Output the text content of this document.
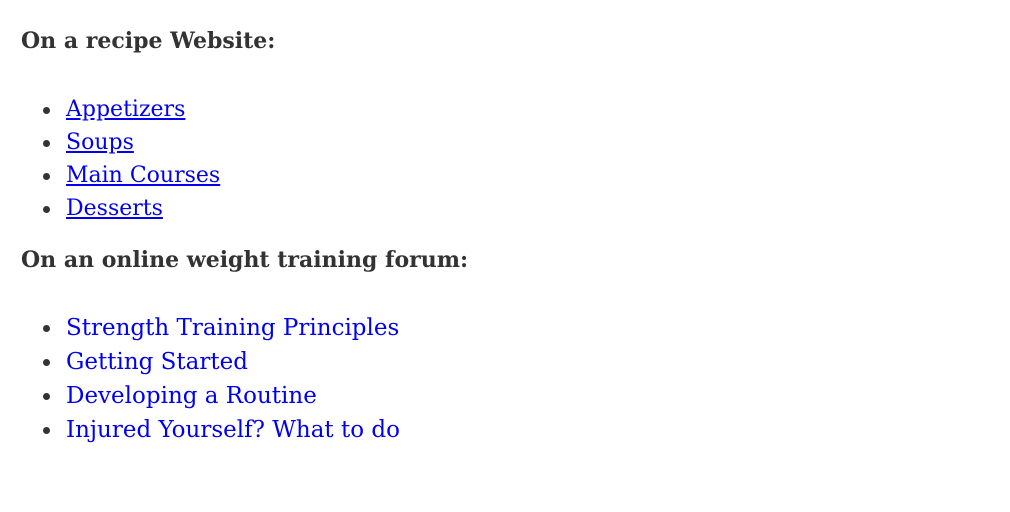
On a recipe Website:

Appetizers
Soups
Main Courses
Desserts

On an online weight training forum:

Strength Training Principles
Getting Started
Developing a Routine
Injured Yourself? What to do
